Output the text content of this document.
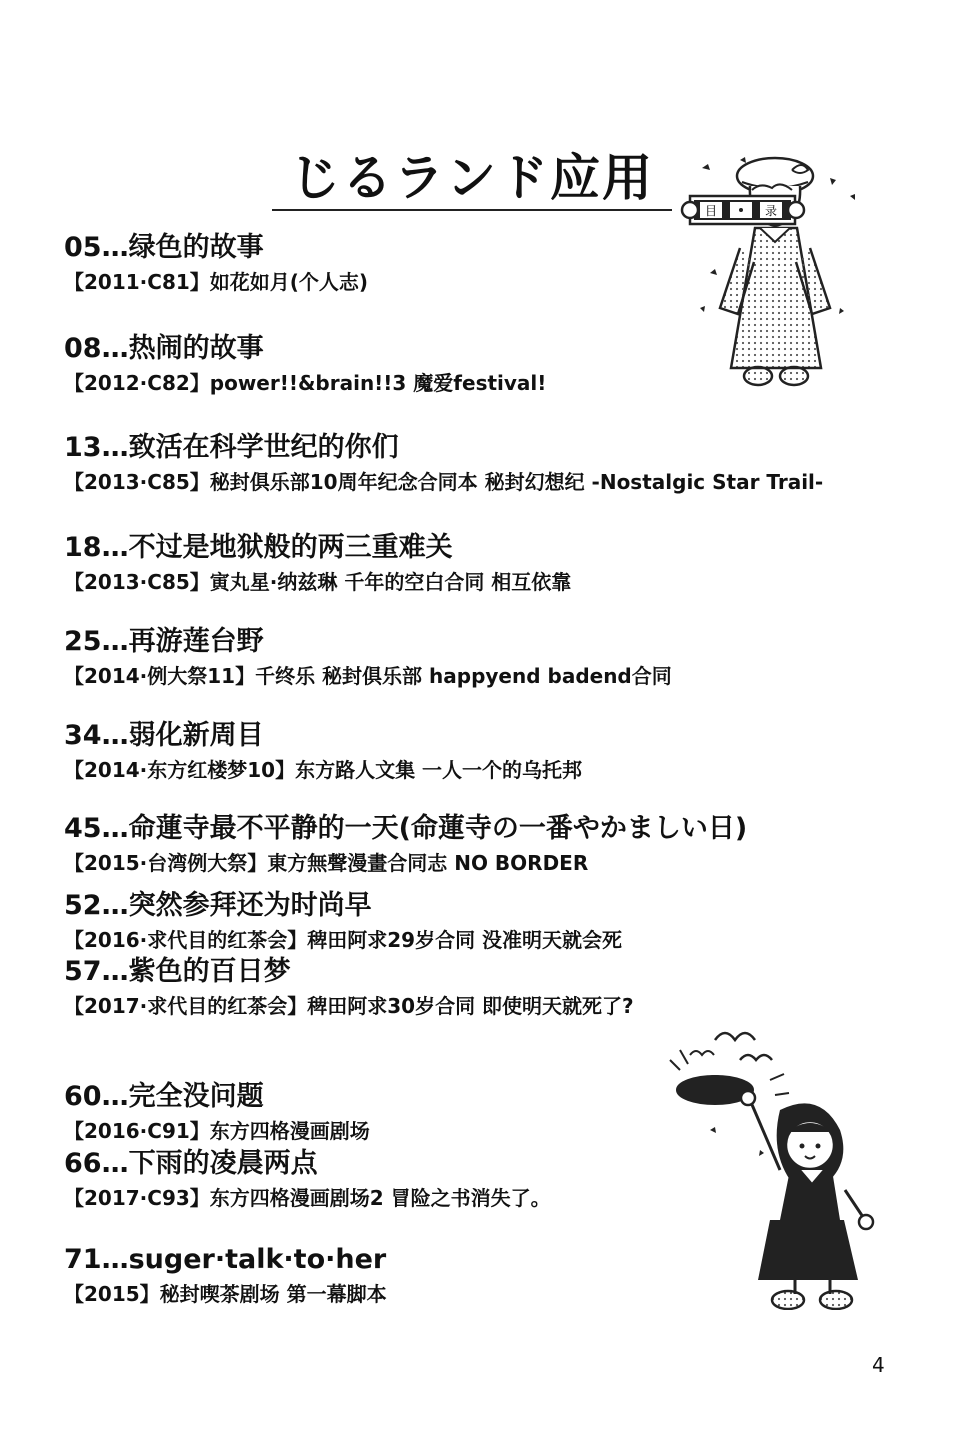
じるランド应用
05…绿色的故事
【2011·C81】如花如月(个人志)
08…热闹的故事
【2012·C82】power!!&brain!!3 魔爱festival!
13…致活在科学世纪的你们
【2013·C85】秘封俱乐部10周年纪念合同本 秘封幻想纪 -Nostalgic Star Trail-
18…不过是地狱般的两三重难关
【2013·C85】寅丸星·纳兹琳 千年的空白合同 相互依靠
25…再游莲台野
【2014·例大祭11】千终乐 秘封俱乐部 happyend badend合同
34…弱化新周目
【2014·东方红楼梦10】东方路人文集 一人一个的乌托邦
45…命蓮寺最不平静的一天(命蓮寺の一番やかましい日)
【2015·台湾例大祭】東方無聲漫畫合同志 NO BORDER
52…突然参拜还为时尚早
【2016·求代目的红茶会】稗田阿求29岁合同 没准明天就会死
57…紫色的百日梦
【2017·求代目的红茶会】稗田阿求30岁合同 即使明天就死了?
60…完全没问题
【2016·C91】东方四格漫画剧场
66…下雨的凌晨两点
【2017·C93】东方四格漫画剧场2 冒险之书消失了。
71…suger·talk·to·her
【2015】秘封喫茶剧场 第一幕脚本
目	录
4
